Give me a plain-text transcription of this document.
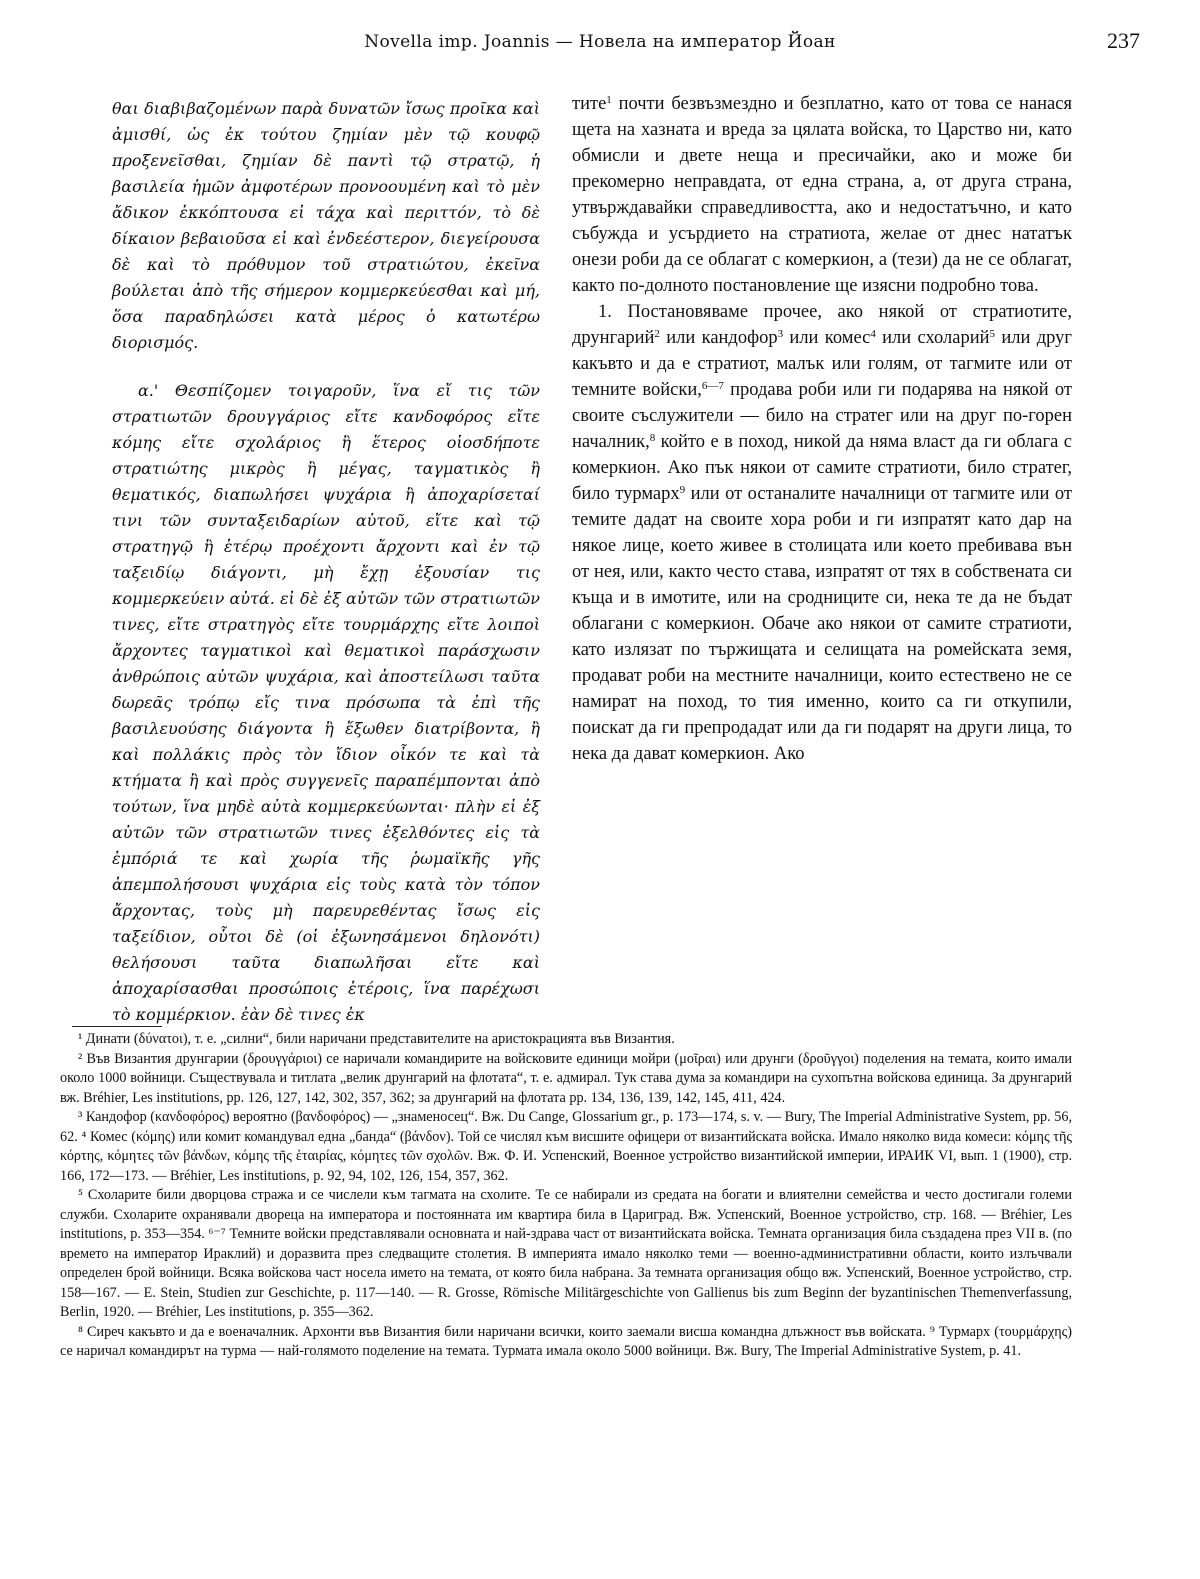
Novella imp. Joannis — Новела на император Йоан	237

θαι διαβιβαζομένων παρὰ δυνατῶν ἴσως προῖκα καὶ ἀμισθί, ὡς ἐκ τούτου ζημίαν μὲν τῷ κουφῷ προξενεῖσθαι, ζημίαν δὲ παντὶ τῷ στρατῷ, ἡ βασιλεία ἡμῶν ἀμφοτέρων προνοουμένη καὶ τὸ μὲν ἄδικον ἐκκόπτουσα εἰ τάχα καὶ περιττόν, τὸ δὲ δίκαιον βεβαιοῦσα εἰ καὶ ἐνδεέστερον, διεγείρουσα δὲ καὶ τὸ πρόθυμον τοῦ στρατιώτου, ἐκεῖνα βούλεται ἀπὸ τῆς σήμερον κομμερκεύεσθαι καὶ μή, ὅσα παραδηλώσει κατὰ μέρος ὁ κατωτέρω διορισμός.

α.' Θεσπίζομεν τοιγαροῦν, ἵνα εἴ τις τῶν στρατιωτῶν δρουγγάριος εἴτε κανδοφόρος εἴτε κόμης εἴτε σχολάριος ἢ ἕτερος οἱοσδήποτε στρατιώτης μικρὸς ἢ μέγας, ταγματικὸς ἢ θεματικός, διαπωλήσει ψυχάρια ἢ ἀποχαρίσεταί τινι τῶν συνταξειδαρίων αὐτοῦ, εἴτε καὶ τῷ στρατηγῷ ἢ ἑτέρῳ προέχοντι ἄρχοντι καὶ ἐν τῷ ταξειδίῳ διάγοντι, μὴ ἔχῃ ἐξουσίαν τις κομμερκεύειν αὐτά. εἰ δὲ ἐξ αὐτῶν τῶν στρατιωτῶν τινες, εἴτε στρατηγὸς εἴτε τουρμάρχης εἴτε λοιποὶ ἄρχοντες ταγματικοὶ καὶ θεματικοὶ παράσχωσιν ἀνθρώποις αὐτῶν ψυχάρια, καὶ ἀποστείλωσι ταῦτα δωρεᾶς τρόπῳ εἴς τινα πρόσωπα τὰ ἐπὶ τῆς βασιλευούσης διάγοντα ἢ ἔξωθεν διατρίβοντα, ἢ καὶ πολλάκις πρὸς τὸν ἴδιον οἶκόν τε καὶ τὰ κτήματα ἢ καὶ πρὸς συγγενεῖς παραπέμπονται ἀπὸ τούτων, ἵνα μηδὲ αὐτὰ κομμερκεύωνται· πλὴν εἰ ἐξ αὐτῶν τῶν στρατιωτῶν τινες ἐξελθόντες εἰς τὰ ἐμπόριά τε καὶ χωρία τῆς ῥωμαϊκῆς γῆς ἀπεμπολήσουσι ψυχάρια εἰς τοὺς κατὰ τὸν τόπον ἄρχοντας, τοὺς μὴ παρευρεθέντας ἴσως εἰς ταξείδιον, οὗτοι δὲ (οἱ ἐξωνησάμενοι δηλονότι) θελήσουσι ταῦτα διαπωλῆσαι εἴτε καὶ ἀποχαρίσασθαι προσώποις ἑτέροις, ἵνα παρέχωσι τὸ κομμέρκιον. ἐὰν δὲ τινες ἐκ

тите$^1$ почти безвъзмездно и безплатно, като от това се нанася щета на хазната и вреда за цялата войска, то Царство ни, като обмисли и двете неща и пресичайки, ако и може би прекомерно неправдата, от една страна, а, от друга страна, утвърждавайки справедливостта, ако и недостатъчно, и като събужда и усърдието на стратиота, желае от днес нататък онези роби да се облагат с комеркион, а (тези) да не се облагат, както по-долното постановление ще изясни подробно това.

1. Постановяваме прочее, ако някой от стратиотите, друнгарий$^2$ или кандофор$^3$ или комес$^4$ или схоларий$^5$ или друг какъвто и да е стратиот, малък или голям, от тагмите или от темните войски,$^{6—7}$ продава роби или ги подарява на някой от своите съслужители — било на стратег или на друг по-горен началник,$^8$ който е в поход, никой да няма власт да ги облага с комеркион. Ако пък някои от самите стратиоти, било стратег, било турмарх$^9$ или от останалите началници от тагмите или от темите дадат на своите хора роби и ги изпратят като дар на някое лице, което живее в столицата или което пребивава вън от нея, или, както често става, изпратят от тях в собствената си къща и в имотите, или на сродниците си, нека те да не бъдат облагани с комеркион. Обаче ако някои от самите стратиоти, като излязат по тържищата и селищата на ромейската земя, продават роби на местните началници, които естествено не се намират на поход, то тия именно, които са ги откупили, поискат да ги препродадат или да ги подарят на други лица, то нека да дават комеркион. Ако

¹ Динати (δύνατοι), т. е. „силни“, били наричани представителите на аристокрацията във Византия.

² Във Византия друнгарии (δρουγγάριοι) се наричали командирите на войсковите единици мойри (μοῖραι) или друнги (δροῦγγοι) поделения на темата, които имали около 1000 войници. Съществувала и титлата „велик друнгарий на флотата“, т. е. адмирал. Тук става дума за командири на сухопътна войскова единица. За друнгарий вж. Bréhier, Les institutions, pp. 126, 127, 142, 302, 357, 362; за друнгарий на флотата pp. 134, 136, 139, 142, 145, 411, 424.

³ Кандофор (κανδοφόρος) вероятно (βανδοφόρος) — „знаменосец“. Вж. Du Cange, Glossarium gr., p. 173—174, s. v. — Bury, The Imperial Administrative System, pp. 56, 62. ⁴ Комес (κόμης) или комит командувал една „банда“ (βάνδον). Той се числял към висшите офицери от византийската войска. Имало няколко вида комеси: κόμης τῆς κόρτης, κόμητες τῶν βάνδων, κόμης τῆς ἑταιρίας, κόμητες τῶν σχολῶν. Вж. Ф. И. Успенский, Военное устройство византийской империи, ИРАИК VI, вып. 1 (1900), стр. 166, 172—173. — Bréhier, Les institutions, p. 92, 94, 102, 126, 154, 357, 362.

⁵ Схоларите били дворцова стража и се числели към тагмата на схолите. Те се набирали из средата на богати и влиятелни семейства и често достигали големи служби. Схоларите охранявали двореца на императора и постоянната им квартира била в Цариград. Вж. Успенский, Военное устройство, стр. 168. — Bréhier, Les institutions, p. 353—354. ⁶⁻⁷ Темните войски представлявали основната и най-здрава част от византийската войска. Темната организация била създадена през VII в. (по времето на император Ираклий) и доразвита през следващите столетия. В империята имало няколко теми — военно-административни области, които излъчвали определен брой войници. Всяка войскова част носела името на темата, от която била набрана. За темната организация общо вж. Успенский, Военное устройство, стр. 158—167. — E. Stein, Studien zur Geschichte, p. 117—140. — R. Grosse, Römische Militärgeschichte von Gallienus bis zum Beginn der byzantinischen Themenverfassung, Berlin, 1920. — Bréhier, Les institutions, p. 355—362.

⁸ Сиреч какъвто и да е военачалник. Архонти във Византия били наричани всички, които заемали висша командна длъжност във войската. ⁹ Турмарх (τουρμάρχης) се наричал командирът на турма — най-голямото поделение на темата. Турмата имала около 5000 войници. Вж. Bury, The Imperial Administrative System, p. 41.
